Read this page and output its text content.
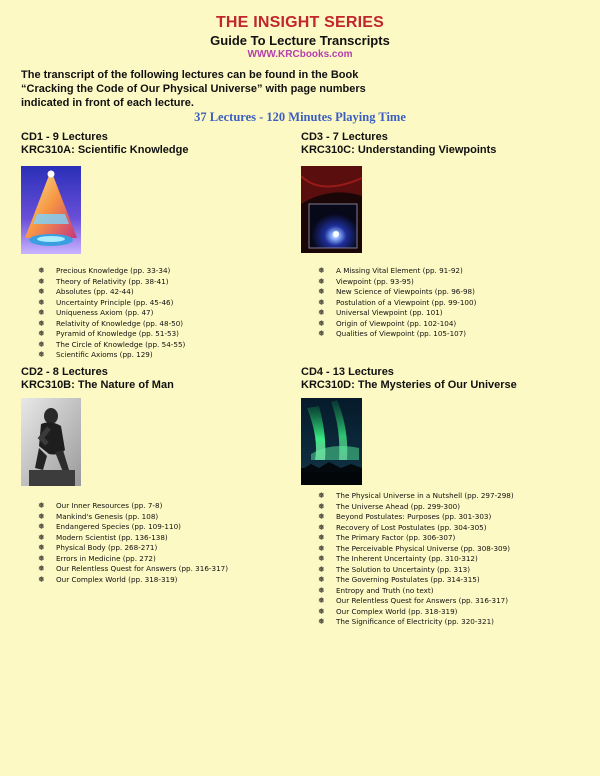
THE INSIGHT SERIES
Guide To Lecture Transcripts
WWW.KRCbooks.com
The transcript of the following lectures can be found in the Book “Cracking the Code of Our Physical Universe” with page numbers indicated in front of each lecture.
37 Lectures - 120 Minutes Playing Time
CD1 - 9 Lectures
KRC310A: Scientific Knowledge
❅	Precious Knowledge (pp. 33-34)
❅	Theory of Relativity (pp. 38-41)
❅	Absolutes (pp. 42-44)
❅	Uncertainty Principle (pp. 45-46)
❅	Uniqueness Axiom (pp. 47)
❅	Relativity of Knowledge (pp. 48-50)
❅	Pyramid of Knowledge (pp. 51-53)
❅	The Circle of Knowledge (pp. 54-55)
❅	Scientific Axioms (pp. 129)
CD3 - 7 Lectures
KRC310C: Understanding Viewpoints
❅	A Missing Vital Element (pp. 91-92)
❅	Viewpoint (pp. 93-95)
❅	New Science of Viewpoints (pp. 96-98)
❅	Postulation of a Viewpoint (pp. 99-100)
❅	Universal Viewpoint (pp. 101)
❅	Origin of Viewpoint (pp. 102-104)
❅	Qualities of Viewpoint (pp. 105-107)
CD2 - 8 Lectures
KRC310B: The Nature of Man
❅	Our Inner Resources (pp. 7-8)
❅	Mankind's Genesis (pp. 108)
❅	Endangered Species (pp. 109-110)
❅	Modern Scientist (pp. 136-138)
❅	Physical Body (pp. 268-271)
❅	Errors in Medicine (pp. 272)
❅	Our Relentless Quest for Answers (pp. 316-317)
❅	Our Complex World (pp. 318-319)
CD4 - 13 Lectures
KRC310D: The Mysteries of Our Universe
❅	The Physical Universe in a Nutshell (pp. 297-298)
❅	The Universe Ahead (pp. 299-300)
❅	Beyond Postulates: Purposes (pp. 301-303)
❅	Recovery of Lost Postulates (pp. 304-305)
❅	The Primary Factor (pp. 306-307)
❅	The Perceivable Physical Universe (pp. 308-309)
❅	The Inherent Uncertainty (pp. 310-312)
❅	The Solution to Uncertainty (pp. 313)
❅	The Governing Postulates (pp. 314-315)
❅	Entropy and Truth (no text)
❅	Our Relentless Quest for Answers (pp. 316-317)
❅	Our Complex World (pp. 318-319)
❅	The Significance of Electricity (pp. 320-321)
